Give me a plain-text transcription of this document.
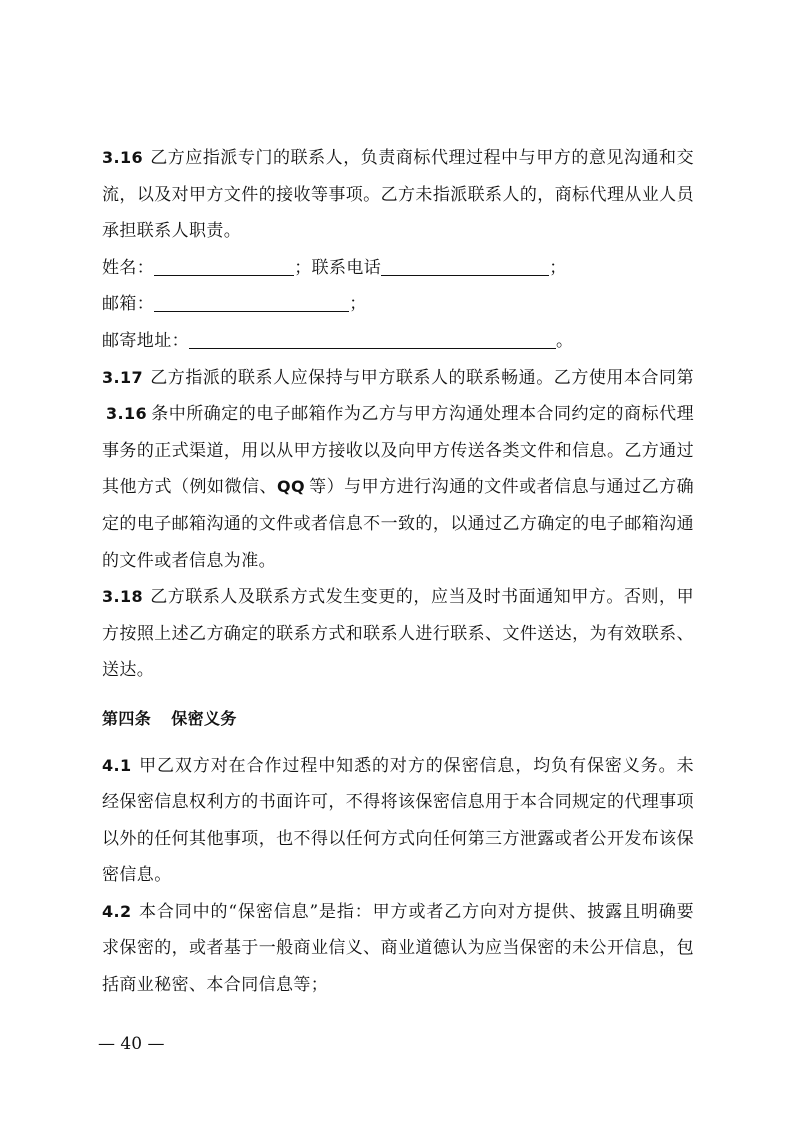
3.16 乙方应指派专门的联系人，负责商标代理过程中与甲方的意见沟通和交流，以及对甲方文件的接收等事项。乙方未指派联系人的，商标代理从业人员承担联系人职责。

姓名：	；联系电话	；

邮箱：	；

邮寄地址：	。

3.17 乙方指派的联系人应保持与甲方联系人的联系畅通。乙方使用本合同第3.16 条中所确定的电子邮箱作为乙方与甲方沟通处理本合同约定的商标代理事务的正式渠道，用以从甲方接收以及向甲方传送各类文件和信息。乙方通过其他方式（例如微信、QQ 等）与甲方进行沟通的文件或者信息与通过乙方确定的电子邮箱沟通的文件或者信息不一致的，以通过乙方确定的电子邮箱沟通的文件或者信息为准。

3.18 乙方联系人及联系方式发生变更的，应当及时书面通知甲方。否则，甲方按照上述乙方确定的联系方式和联系人进行联系、文件送达，为有效联系、送达。

第四条 保密义务

4.1 甲乙双方对在合作过程中知悉的对方的保密信息，均负有保密义务。未经保密信息权利方的书面许可，不得将该保密信息用于本合同规定的代理事项以外的任何其他事项，也不得以任何方式向任何第三方泄露或者公开发布该保密信息。

4.2 本合同中的“保密信息”是指：甲方或者乙方向对方提供、披露且明确要求保密的，或者基于一般商业信义、商业道德认为应当保密的未公开信息，包括商业秘密、本合同信息等；

— 40 —
